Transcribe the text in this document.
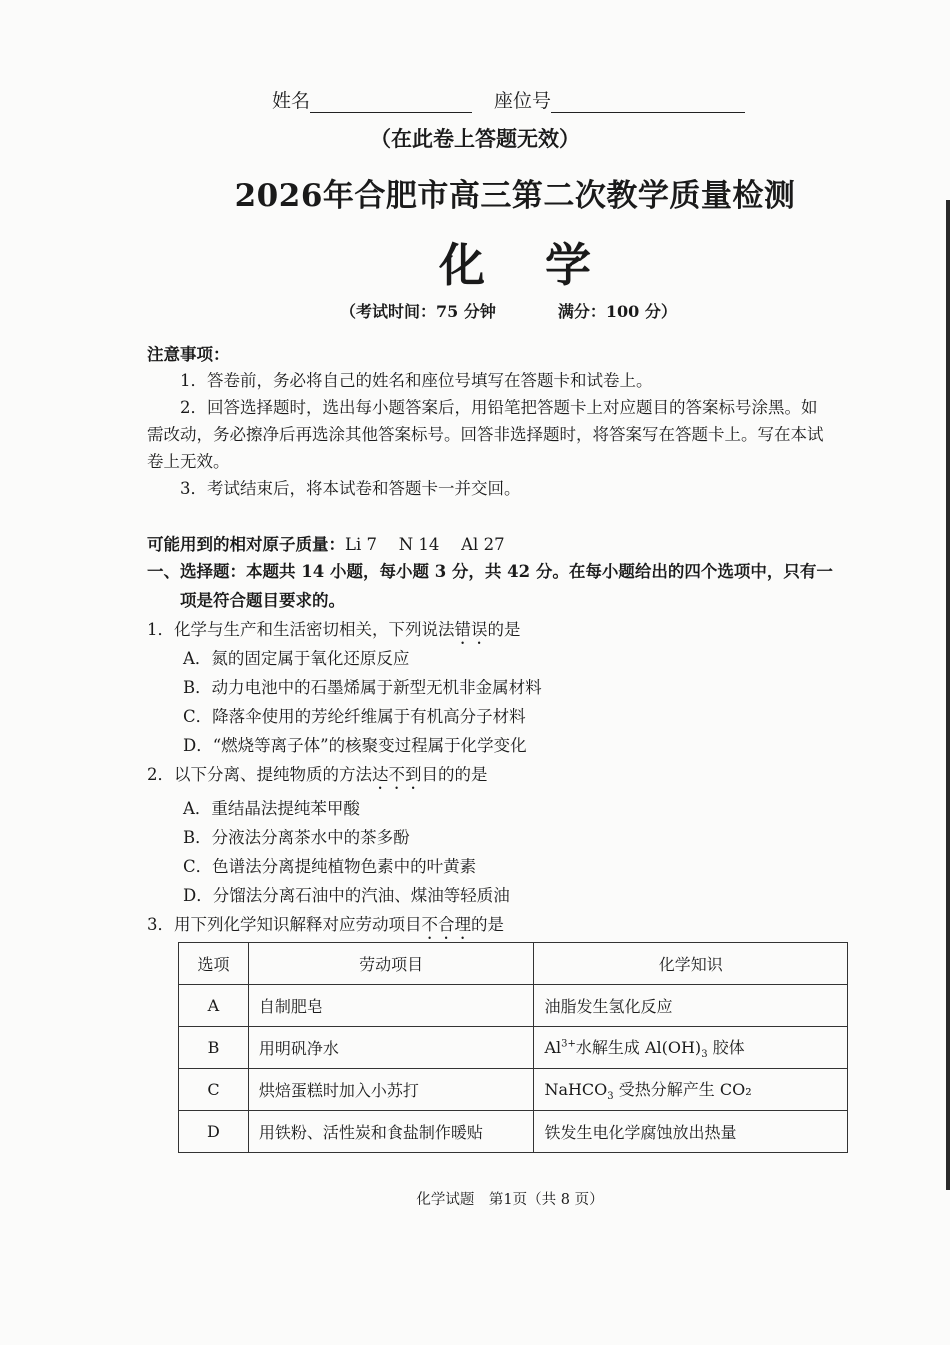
姓名	座位号
（在此卷上答题无效）
2026年合肥市高三第二次教学质量检测
化学
（考试时间：75 分钟	满分：100 分）
注意事项：
1．答卷前，务必将自己的姓名和座位号填写在答题卡和试卷上。
2．回答选择题时，选出每小题答案后，用铅笔把答题卡上对应题目的答案标号涂黑。如
需改动，务必擦净后再选涂其他答案标号。回答非选择题时，将答案写在答题卡上。写在本试
卷上无效。
3．考试结束后，将本试卷和答题卡一并交回。
可能用到的相对原子质量：Li 7　 N 14　 Al 27
一、选择题：本题共 14 小题，每小题 3 分，共 42 分。在每小题给出的四个选项中，只有一
项是符合题目要求的。
1．化学与生产和生活密切相关，下列说法错误的是
A．氮的固定属于氧化还原反应
B．动力电池中的石墨烯属于新型无机非金属材料
C．降落伞使用的芳纶纤维属于有机高分子材料
D．“燃烧等离子体”的核聚变过程属于化学变化
2．以下分离、提纯物质的方法达不到目的的是
A．重结晶法提纯苯甲酸
B．分液法分离茶水中的茶多酚
C．色谱法分离提纯植物色素中的叶黄素
D．分馏法分离石油中的汽油、煤油等轻质油
3．用下列化学知识解释对应劳动项目不合理的是
选项	劳动项目	化学知识
A	自制肥皂	油脂发生氢化反应
B	用明矾净水	$Al^{3+}$水解生成 $Al(OH)_3$ 胶体
C	烘焙蛋糕时加入小苏打	NaHCO$_3$ 受热分解产生 CO₂
D	用铁粉、活性炭和食盐制作暖贴	铁发生电化学腐蚀放出热量
化学试题　第1页（共 8 页）
